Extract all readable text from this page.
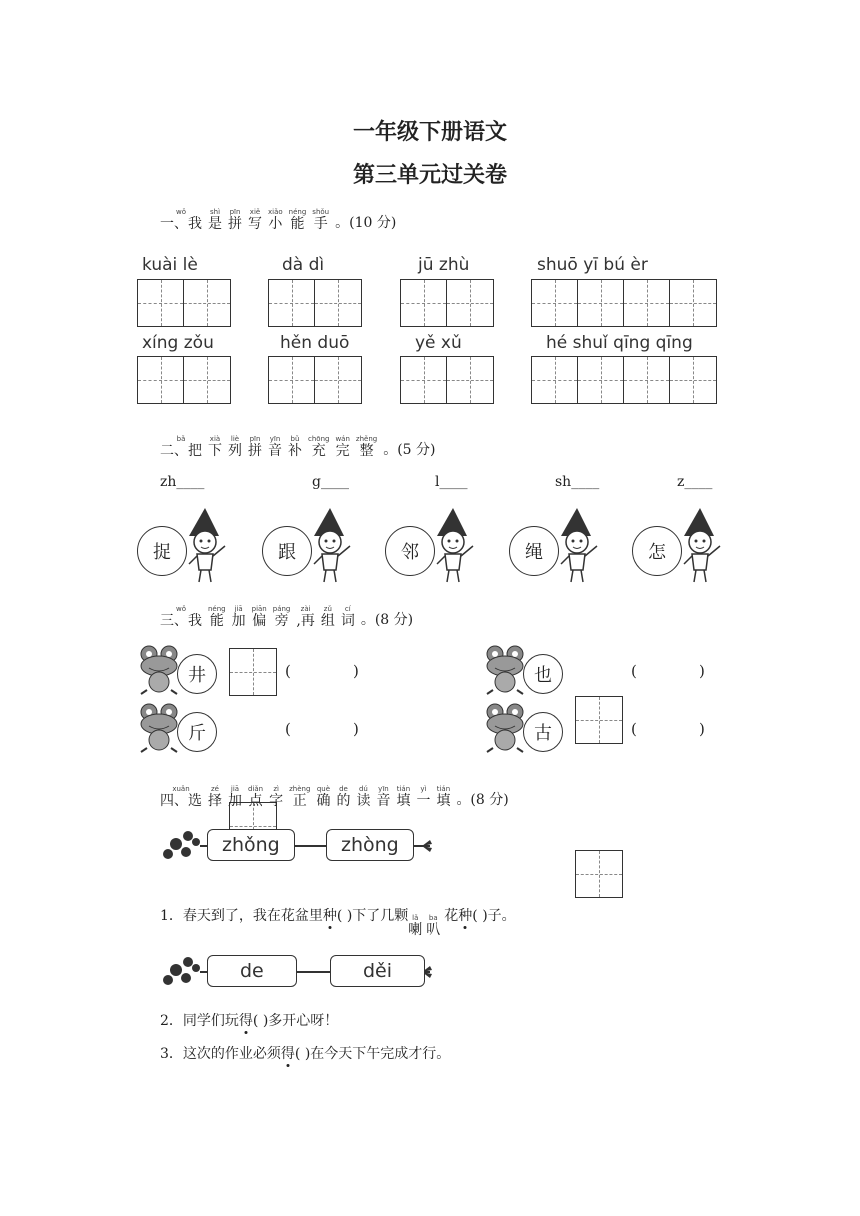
一年级下册语文
第三单元过关卷
wǒ
一、我
shì
是
pīn
拼
xiě
写
xiǎo
小
néng
能
shǒu
手 。(10 分)
kuài lè	dà dì	jū zhù	shuō yī bú èr
xíng zǒu	hěn duō	yě xǔ	hé shuǐ qīng qīng
bǎ
二、把
xià
下
liè
列
pīn
拼
yīn
音
bǔ
补
chōng
充
wán
完
zhěng
整 。(5 分)
zh____	g____	l____	sh____	z____
捉	跟	邻	绳	怎
wǒ
三、我
néng
能
jiā
加
piān
偏
páng
旁
zài
,再
zǔ
组
cí
词 。(8 分)
井	(	)	也	(	)
斤	(	)	古	(	)
xuǎn
四、选
zé
择
jiā
加
diǎn
点
zì
字
zhèng
正
què
确
de
的
dú
读
yīn
音
tián
填
yì
一
tián
填 。(8 分)
zhǒng	zhòng
1．春天到了，我在花盆里种( )下了几颗 lǎ
喇
ba
叭
花种( )子。
de	děi
2．同学们玩得( )多开心呀！
3．这次的作业必须得( )在今天下午完成才行。
